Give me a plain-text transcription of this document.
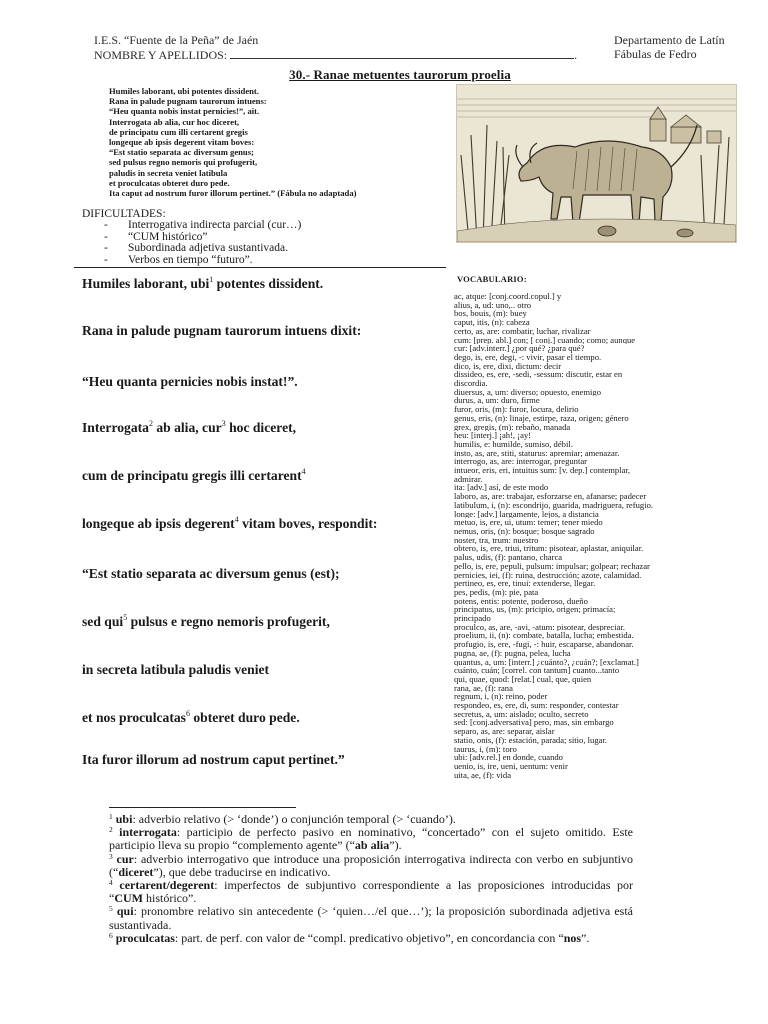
I.E.S. “Fuente de la Peña” de Jaén
NOMBRE Y APELLIDOS:	.
Departamento de Latín
Fábulas de Fedro
30.- Ranae metuentes taurorum proelia
Humiles laborant, ubi potentes dissident.
Rana in palude pugnam taurorum intuens:
“Heu quanta nobis instat pernicies!”, ait.
Interrogata ab alia, cur hoc diceret,
de principatu cum illi certarent gregis
longeque ab ipsis degerent vitam boves:
“Est statio separata ac diversum genus;
sed pulsus regno nemoris qui profugerit,
paludis in secreta veniet latibula
et proculcatas obteret duro pede.
Ita caput ad nostrum furor illorum pertinet.” (Fábula no adaptada)
DIFICULTADES:
- Interrogativa indirecta parcial (cur…)
- “CUM histórico”
- Subordinada adjetiva sustantivada.
- Verbos en tiempo “futuro”.
Humiles laborant, ubi$^1$ potentes dissident.
Rana in palude pugnam taurorum intuens dixit:
“Heu quanta pernicies nobis instat!”.
Interrogata$^2$ ab alia, cur$^3$ hoc diceret,
cum de principatu gregis illi certarent$^4$
longeque ab ipsis degerent$^4$ vitam boves, respondit:
“Est statio separata ac diversum genus (est);
sed qui$^5$ pulsus e regno nemoris profugerit,
in secreta latibula paludis veniet
et nos proculcatas$^6$ obteret duro pede.
Ita furor illorum ad nostrum caput pertinet.”
VOCABULARIO:
ac, atque: [conj.coord.copul.] y
alius, a, ud: uno,.. otro
bos, bouis, (m): buey
caput, itis, (n): cabeza
certo, as, are: combatir, luchar, rivalizar
cum: [prep. abl.] con; [ conj.] cuando; como; aunque
cur: [adv.interr.] ¿por qué? ¿para qué?
dego, is, ere, degi, -: vivir, pasar el tiempo.
dico, is, ere, dixi, dictum: decir
dissideo, es, ere, -sedi, -sessum: discutir, estar en
discordia.
diuersus, a, um: diverso; opuesto, enemigo
durus, a, um: duro, firme
furor, oris, (m): furor, locura, delirio
genus, eris, (n): linaje, estirpe, raza, origen; género
grex, gregis, (m): rebaño, manada
heu: [interj.] ¡ah!, ¡ay!
humilis, e: humilde, sumiso, débil.
insto, as, are, stiti, staturus: apremiar; amenazar.
interrogo, as, are: interrogar, preguntar
intueor, eris, eri, intuitus sum: [v. dep.] contemplar,
admirar.
ita: [adv.] así, de este modo
laboro, as, are: trabajar, esforzarse en, afanarse; padecer
latibulum, i, (n): escondrijo, guarida, madriguera, refugio.
longe: [adv.] largamente, lejos, a distancia
metuo, is, ere, ui, utum: temer; tener miedo
nemus, oris, (n): bosque; bosque sagrado
noster, tra, trum: nuestro
obtero, is, ere, triui, tritum: pisotear, aplastar, aniquilar.
palus, udis, (f): pantano, charca
pello, is, ere, pepuli, pulsum: impulsar; golpear; rechazar
pernicies, iei, (f): ruina, destrucción; azote, calamidad.
pertineo, es, ere, tinui: extenderse, llegar.
pes, pedis, (m): pie, pata
potens, entis: potente, poderoso, dueño
principatus, us, (m): pricipio, origen; primacía;
principado
proculco, as, are, -avi, -atum: pisotear, despreciar.
proelium, ii, (n): combate, batalla, lucha; embestida.
profugio, is, ere, -fugi, -: huir, escaparse, abandonar.
pugna, ae, (f): pugna, pelea, lucha
quantus, a, um: [interr.] ¿cuánto?, ¿cuán?; [exclamat.]
cuánto, cuán; [correl. con tantum] cuanto...tanto
qui, quae, quod: [relat.] cual, que, quien
rana, ae, (f): rana
regnum, i, (n): reino, poder
respondeo, es, ere, di, sum: responder, contestar
secretus, a, um: aislado; oculto, secreto
sed: [conj.adversativa] pero, mas, sin embargo
separo, as, are: separar, aislar
statio, onis, (f): estación, parada; sitio, lugar.
taurus, i, (m): toro
ubi: [adv.rel.] en donde, cuando
uenio, is, ire, ueni, uentum: venir
uita, ae, (f): vida

$^1$ ubi: adverbio relativo (> ‘donde’) o conjunción temporal (> ‘cuando’).

$^2$ interrogata: participio de perfecto pasivo en nominativo, “concertado” con el sujeto omitido. Este participio lleva su propio “complemento agente” (“ab alia”).

$^3$ cur: adverbio interrogativo que introduce una proposición interrogativa indirecta con verbo en subjuntivo (“diceret”), que debe traducirse en indicativo.

$^4$ certarent/degerent: imperfectos de subjuntivo correspondiente a las proposiciones introducidas por “CUM histórico”.

$^5$ qui: pronombre relativo sin antecedente (> ‘quien…/el que…’); la proposición subordinada adjetiva está sustantivada.

$^6$ proculcatas: part. de perf. con valor de “compl. predicativo objetivo”, en concordancia con “nos”.
